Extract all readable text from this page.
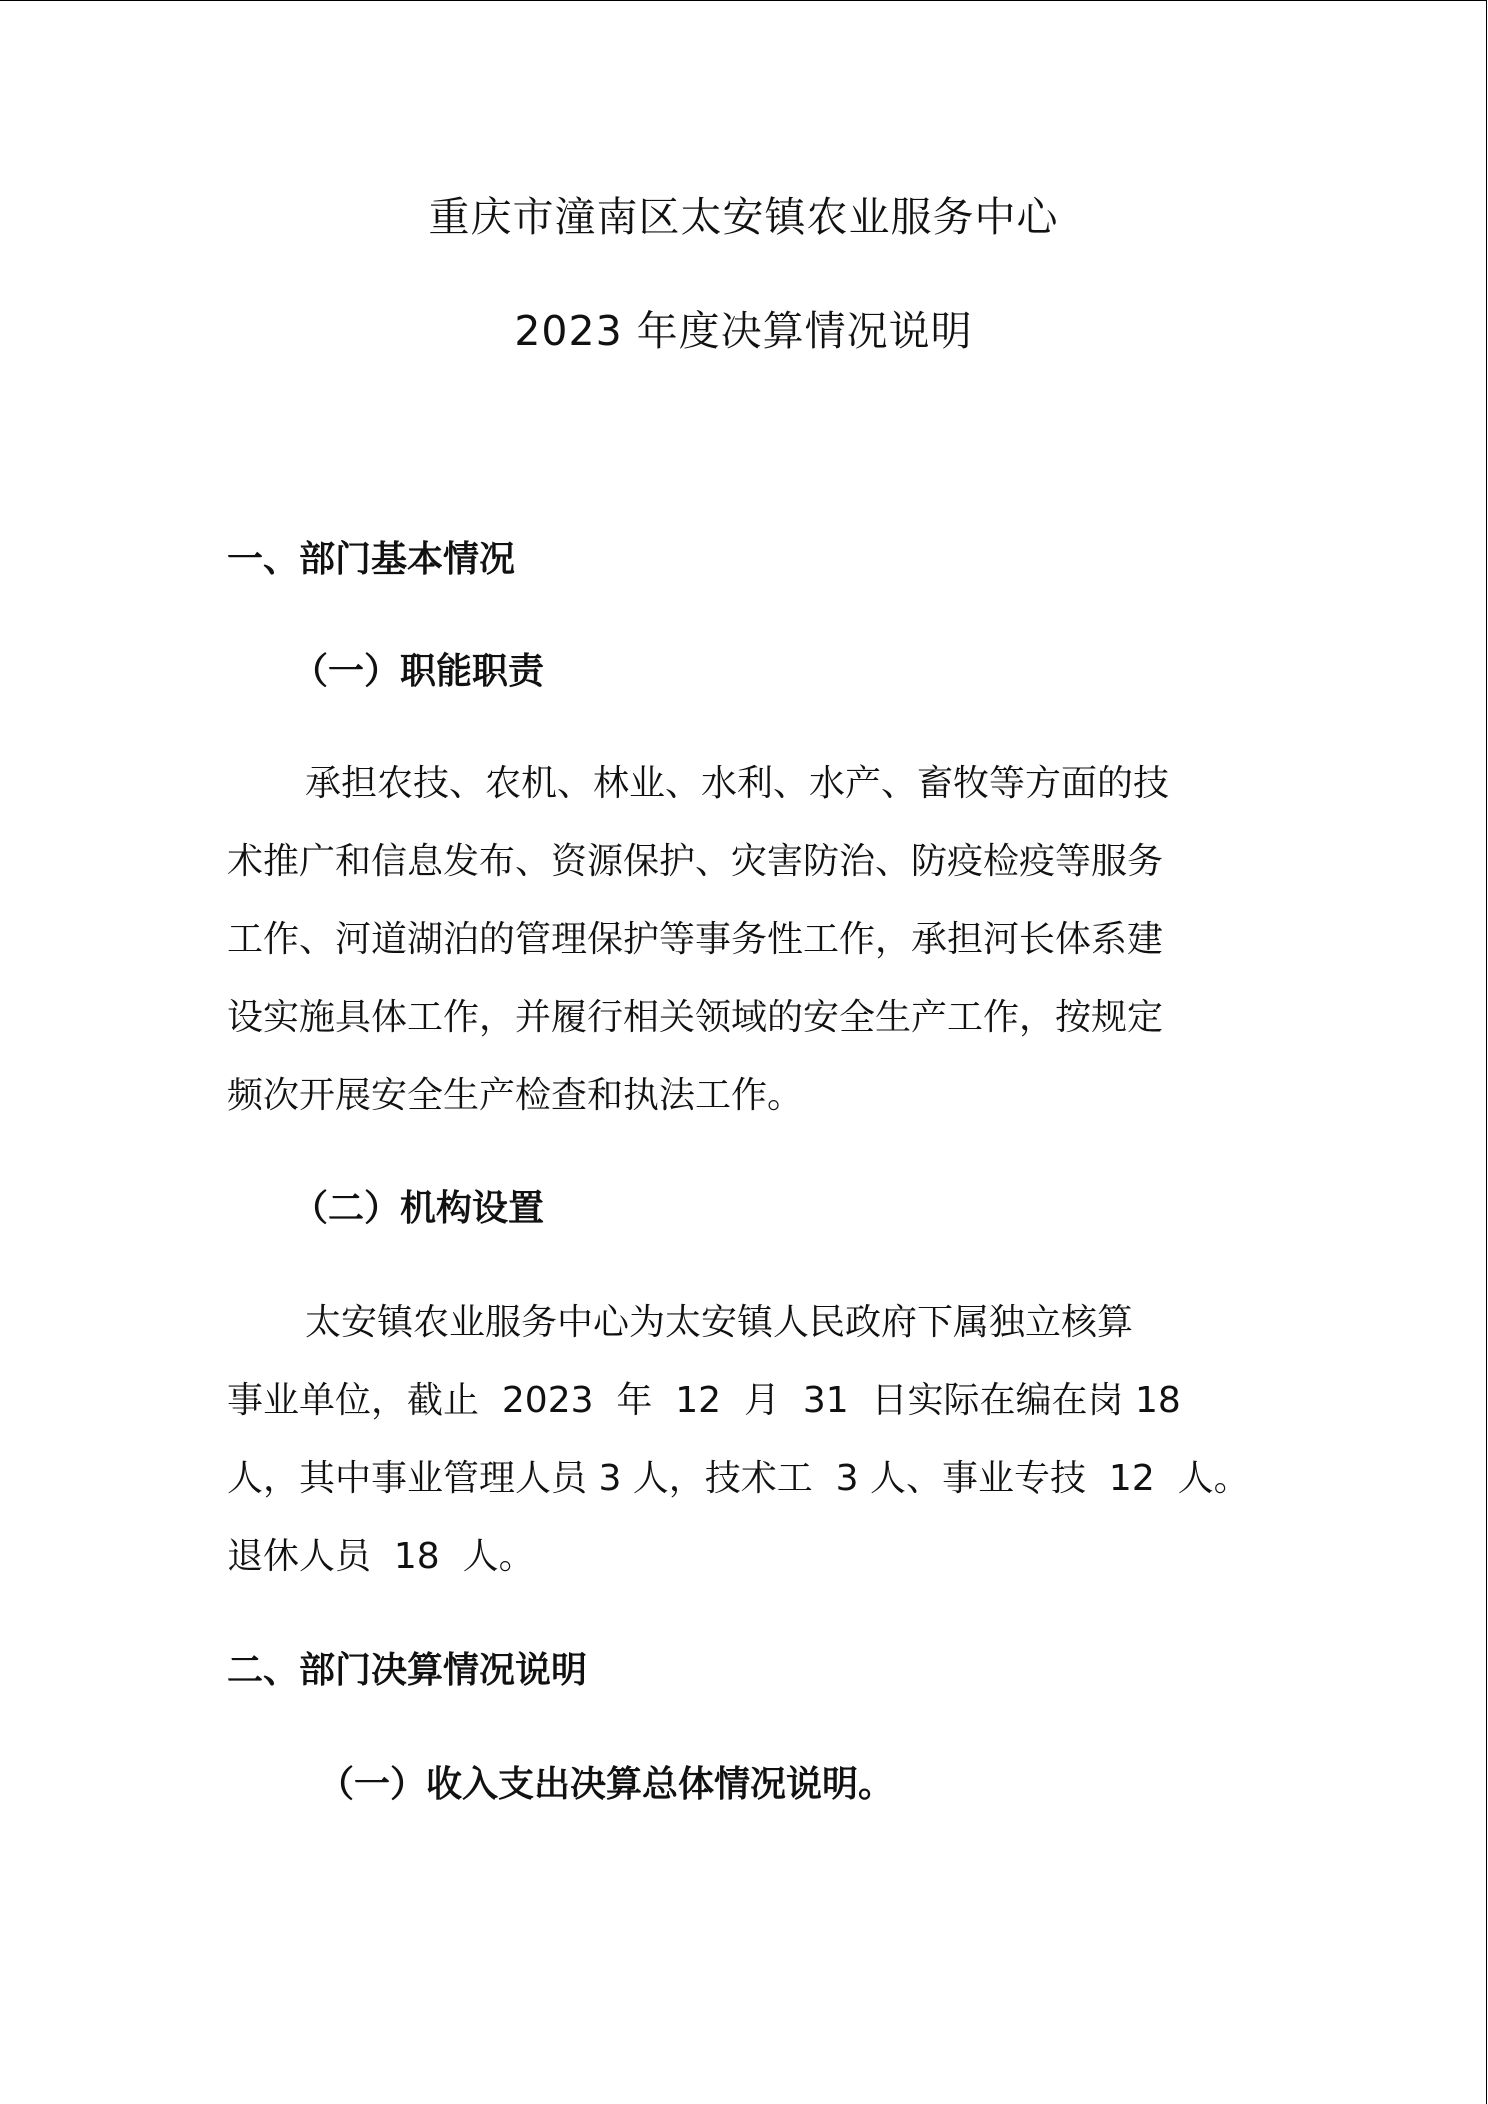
重庆市潼南区太安镇农业服务中心
2023 年度决算情况说明
一、部门基本情况
（一）职能职责

承担农技、农机、林业、水利、水产、畜牧等方面的技

术推广和信息发布、资源保护、灾害防治、防疫检疫等服务

工作、河道湖泊的管理保护等事务性工作，承担河长体系建

设实施具体工作，并履行相关领域的安全生产工作，按规定

频次开展安全生产检查和执法工作。

（二）机构设置

太安镇农业服务中心为太安镇人民政府下属独立核算

事业单位，截止  2023  年  12  月  31  日实际在编在岗 18

人，其中事业管理人员 3 人，技术工  3 人、事业专技  12  人。

退休人员  18  人。

二、部门决算情况说明
（一）收入支出决算总体情况说明。
